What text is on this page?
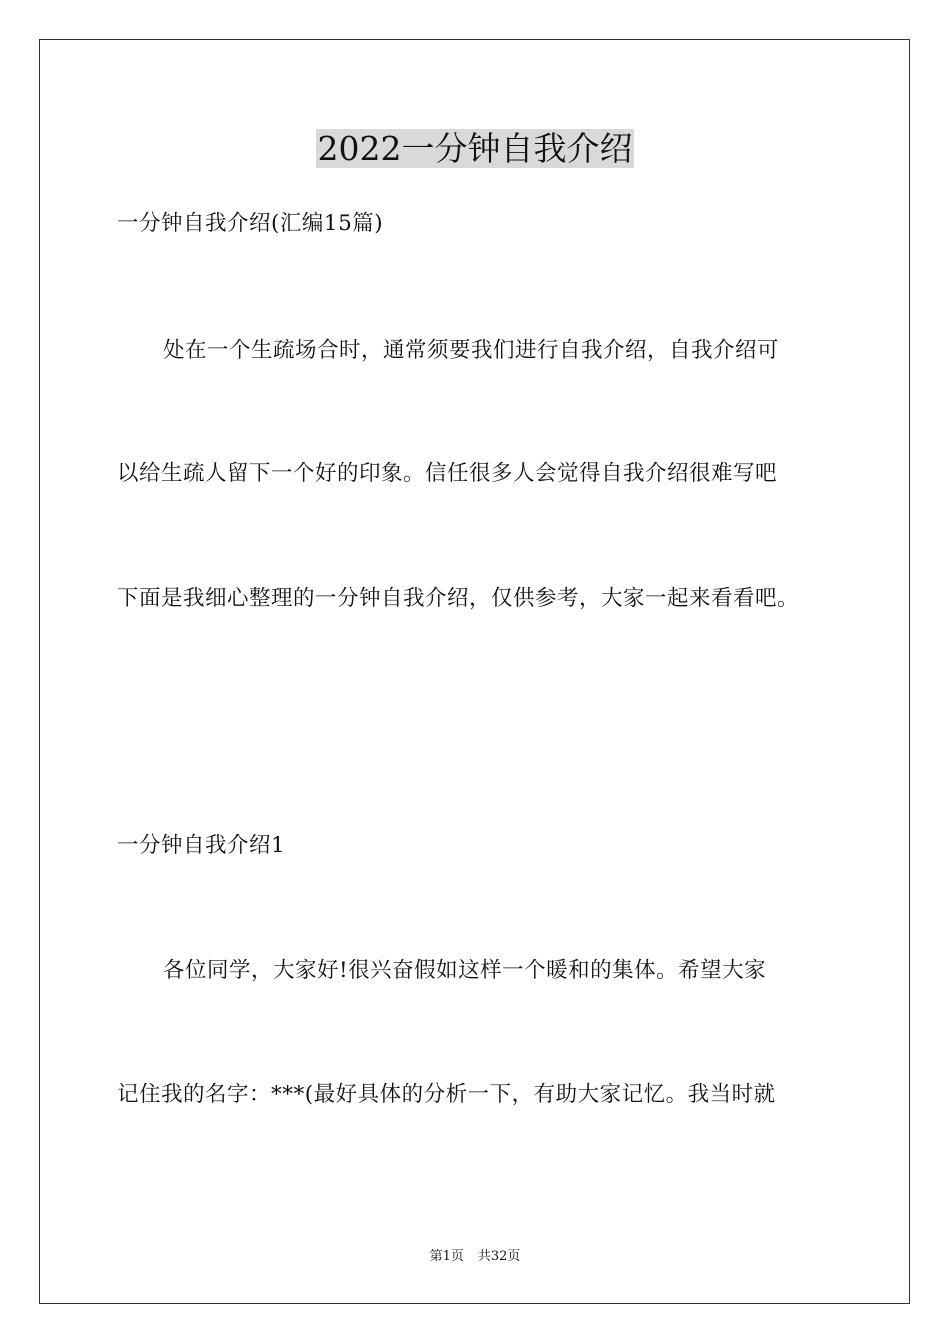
2022一分钟自我介绍
一分钟自我介绍(汇编15篇)
处在一个生疏场合时，通常须要我们进行自我介绍，自我介绍可
以给生疏人留下一个好的印象。信任很多人会觉得自我介绍很难写吧
下面是我细心整理的一分钟自我介绍，仅供参考，大家一起来看看吧。
一分钟自我介绍1
各位同学，大家好!很兴奋假如这样一个暖和的集体。希望大家
记住我的名字：***(最好具体的分析一下，有助大家记忆。我当时就
第1页 共32页
